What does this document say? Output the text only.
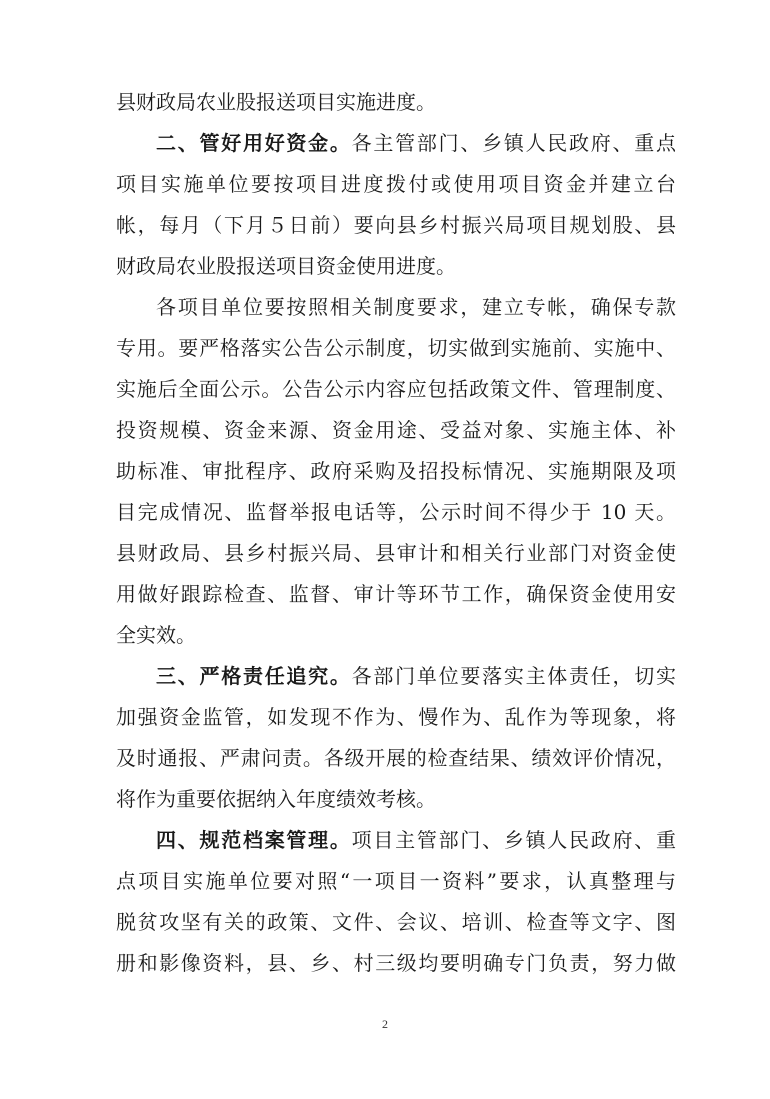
县财政局农业股报送项目实施进度。
二、管好用好资金。各主管部门、乡镇人民政府、重点
项目实施单位要按项目进度拨付或使用项目资金并建立台
帐，每月（下月５日前）要向县乡村振兴局项目规划股、县
财政局农业股报送项目资金使用进度。
各项目单位要按照相关制度要求，建立专帐，确保专款
专用。要严格落实公告公示制度，切实做到实施前、实施中、
实施后全面公示。公告公示内容应包括政策文件、管理制度、
投资规模、资金来源、资金用途、受益对象、实施主体、补
助标准、审批程序、政府采购及招投标情况、实施期限及项
目完成情况、监督举报电话等，公示时间不得少于 10 天。
县财政局、县乡村振兴局、县审计和相关行业部门对资金使
用做好跟踪检查、监督、审计等环节工作，确保资金使用安
全实效。
三、严格责任追究。各部门单位要落实主体责任，切实
加强资金监管，如发现不作为、慢作为、乱作为等现象，将
及时通报、严肃问责。各级开展的检查结果、绩效评价情况，
将作为重要依据纳入年度绩效考核。
四、规范档案管理。项目主管部门、乡镇人民政府、重
点项目实施单位要对照“一项目一资料”要求，认真整理与
脱贫攻坚有关的政策、文件、会议、培训、检查等文字、图
册和影像资料，县、乡、村三级均要明确专门负责，努力做
2
